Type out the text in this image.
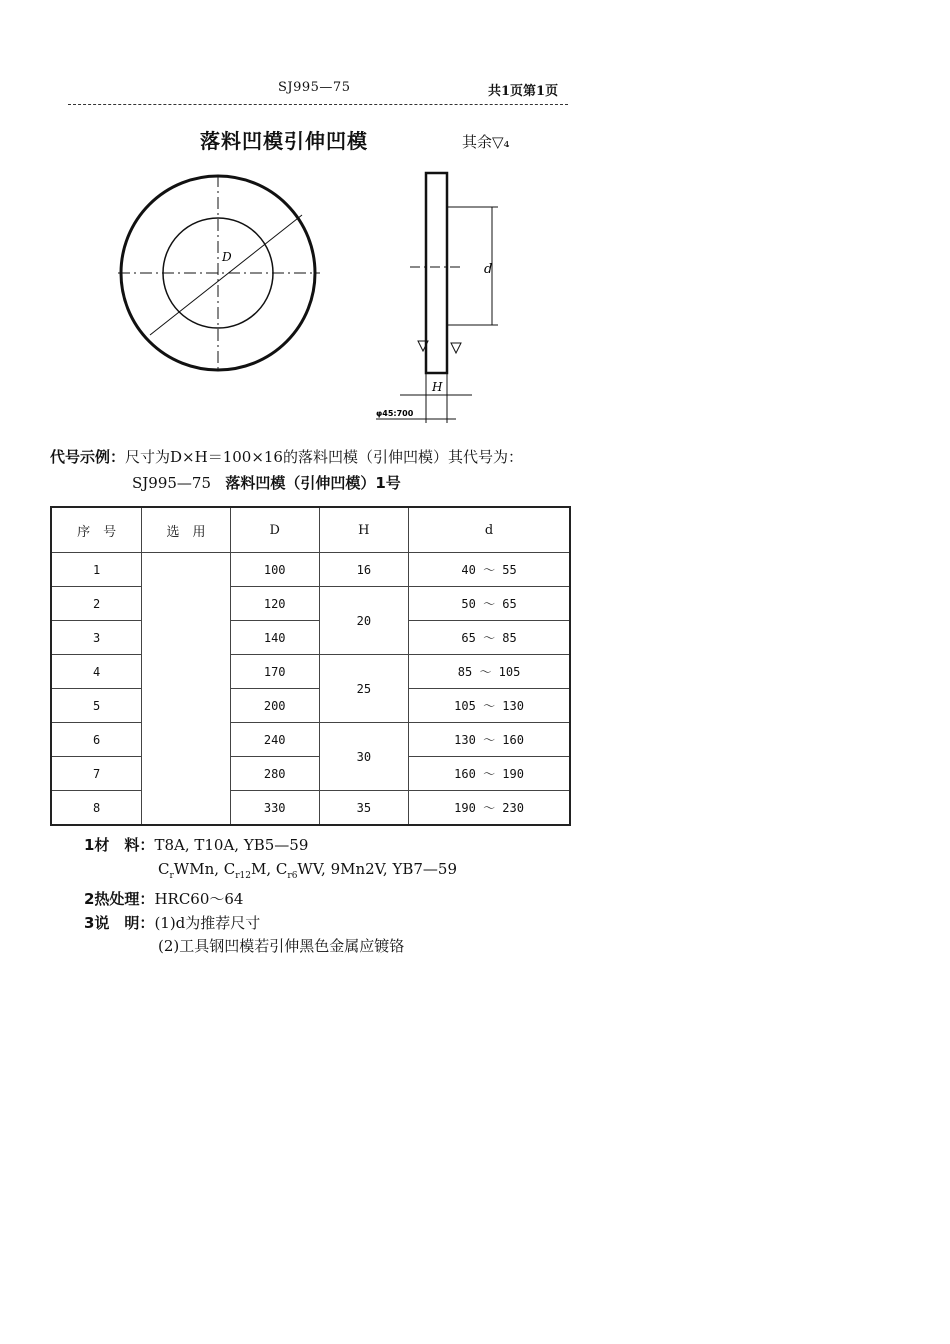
SJ995—75	共1页第1页
落料凹模引伸凹模	其余▽₄
D
d
H
φ45:700
代号示例：尺寸为D×H＝100×16的落料凹模（引伸凹模）其代号为：
SJ995—75 落料凹模（引伸凹模）1号
序　号	选　用	D	H	d
1		100	16	40 ～ 55
2		120	20	50 ～ 65
3		140		65 ～ 85
4		170	25	85 ～ 105
5		200		105 ～ 130
6		240	30	130 ～ 160
7		280		160 ～ 190
8		330	35	190 ～ 230
1材　料：T8A, T10A, YB5—59
$C_rWMn$, $C_{r12}M$, $C_{r6}WV$, 9Mn2V, YB7—59
2热处理：HRC60～64
3说　明：(1)d为推荐尺寸
(2)工具钢凹模若引伸黑色金属应镀铬
